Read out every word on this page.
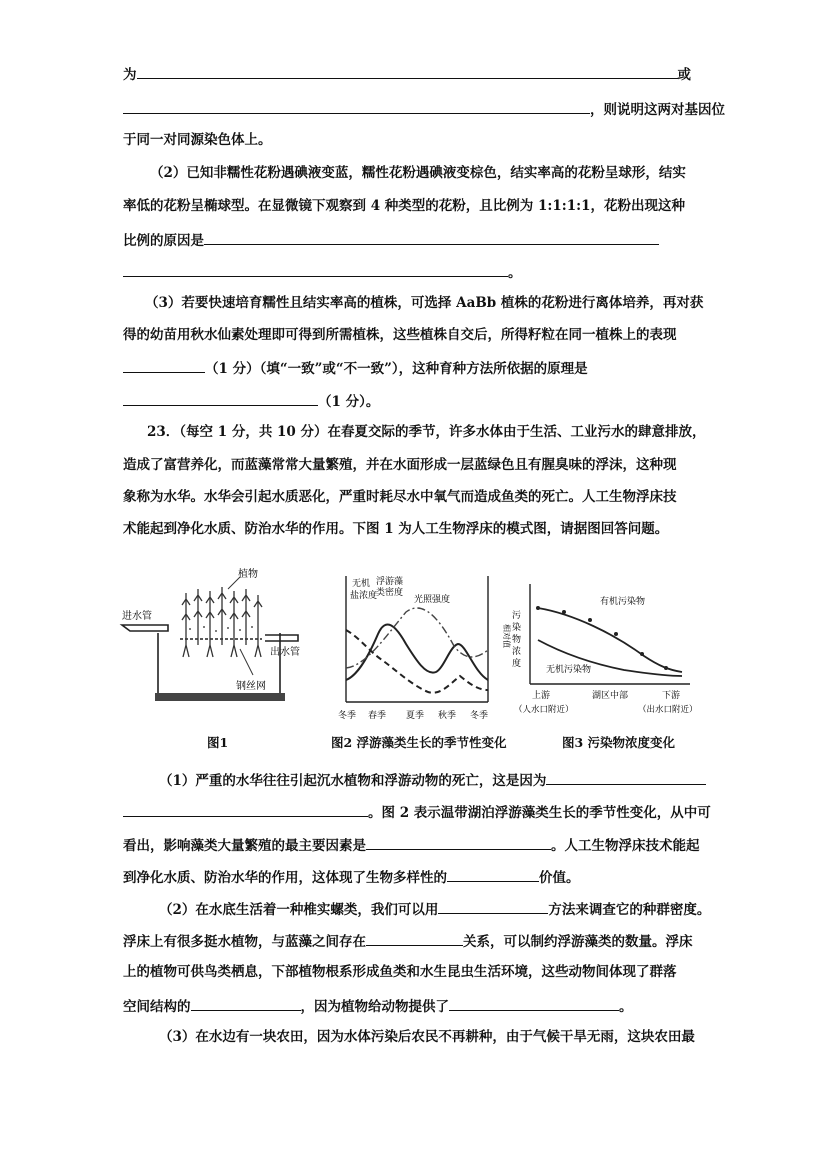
为	或
，则说明这两对基因位
于同一对同源染色体上。
（2）已知非糯性花粉遇碘液变蓝，糯性花粉遇碘液变棕色，结实率高的花粉呈球形，结实
率低的花粉呈椭球型。在显微镜下观察到 4 种类型的花粉，且比例为 1:1:1:1，花粉出现这种
比例的原因是
。
（3）若要快速培育糯性且结实率高的植株，可选择 AaBb 植株的花粉进行离体培养，再对获
得的幼苗用秋水仙素处理即可得到所需植株，这些植株自交后，所得籽粒在同一植株上的表现
（1 分）（填“一致”或“不一致”），这种育种方法所依据的原理是
（1 分）。
23．（每空 1 分，共 10 分）在春夏交际的季节，许多水体由于生活、工业污水的肆意排放，
造成了富营养化，而蓝藻常常大量繁殖，并在水面形成一层蓝绿色且有腥臭味的浮沫，这种现
象称为水华。水华会引起水质恶化，严重时耗尽水中氧气而造成鱼类的死亡。人工生物浮床技
术能起到净化水质、防治水华的作用。下图 1 为人工生物浮床的模式图，请据图回答问题。
植物
进水管
出水管
钢丝网
图1
无机
盐浓度
浮游藻
类密度
光照强度
冬季 春季 夏季 秋季 冬季
图2 浮游藻类生长的季节性变化
污
染
物
浓
度
相对值
有机污染物
无机污染物
上游	湖区中部	下游
（人水口附近）	（出水口附近）
图3 污染物浓度变化
（1）严重的水华往往引起沉水植物和浮游动物的死亡，这是因为
。图 2 表示温带湖泊浮游藻类生长的季节性变化，从中可
看出，影响藻类大量繁殖的最主要因素是	。人工生物浮床技术能起
到净化水质、防治水华的作用，这体现了生物多样性的	价值。
（2）在水底生活着一种椎实螺类，我们可以用	方法来调查它的种群密度。
浮床上有很多挺水植物，与蓝藻之间存在	关系，可以制约浮游藻类的数量。浮床
上的植物可供鸟类栖息，下部植物根系形成鱼类和水生昆虫生活环境，这些动物间体现了群落
空间结构的	，因为植物给动物提供了	。
（3）在水边有一块农田，因为水体污染后农民不再耕种，由于气候干旱无雨，这块农田最
